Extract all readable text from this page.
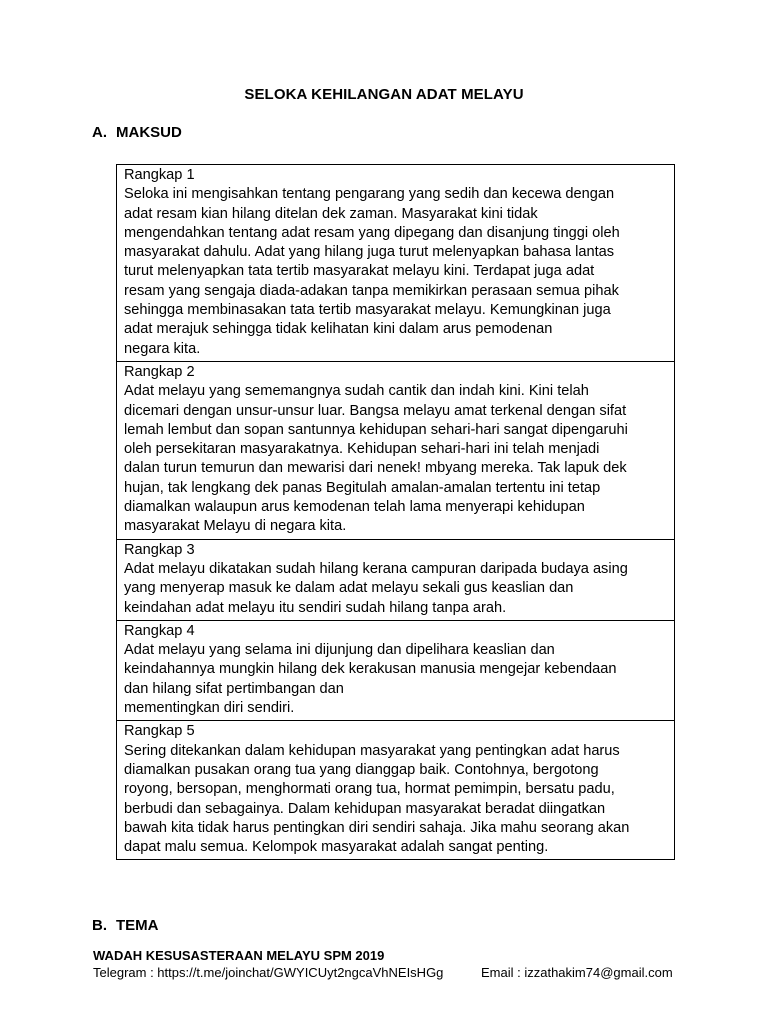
SELOKA KEHILANGAN ADAT MELAYU
A. MAKSUD
Rangkap 1
Seloka ini mengisahkan tentang pengarang yang sedih dan kecewa dengan
adat resam kian hilang ditelan dek zaman. Masyarakat kini tidak
mengendahkan tentang adat resam yang dipegang dan disanjung tinggi oleh
masyarakat dahulu. Adat yang hilang juga turut melenyapkan bahasa lantas
turut melenyapkan tata tertib masyarakat melayu kini. Terdapat juga adat
resam yang sengaja diada-adakan tanpa memikirkan perasaan semua pihak
sehingga membinasakan tata tertib masyarakat melayu. Kemungkinan juga
adat merajuk sehingga tidak kelihatan kini dalam arus pemodenan
negara kita.

Rangkap 2
Adat melayu yang sememangnya sudah cantik dan indah kini. Kini telah
dicemari dengan unsur-unsur luar. Bangsa melayu amat terkenal dengan sifat
lemah lembut dan sopan santunnya kehidupan sehari-hari sangat dipengaruhi
oleh persekitaran masyarakatnya. Kehidupan sehari-hari ini telah menjadi
dalan turun temurun dan mewarisi dari nenek! mbyang mereka. Tak lapuk dek
hujan, tak lengkang dek panas Begitulah amalan-amalan tertentu ini tetap
diamalkan walaupun arus kemodenan telah lama menyerapi kehidupan
masyarakat Melayu di negara kita.

Rangkap 3
Adat melayu dikatakan sudah hilang kerana campuran daripada budaya asing
yang menyerap masuk ke dalam adat melayu sekali gus keaslian dan
keindahan adat melayu itu sendiri sudah hilang tanpa arah.

Rangkap 4
Adat melayu yang selama ini dijunjung dan dipelihara keaslian dan
keindahannya mungkin hilang dek kerakusan manusia mengejar kebendaan
dan hilang sifat pertimbangan dan
mementingkan diri sendiri.

Rangkap 5
Sering ditekankan dalam kehidupan masyarakat yang pentingkan adat harus
diamalkan pusakan orang tua yang dianggap baik. Contohnya, bergotong
royong, bersopan, menghormati orang tua, hormat pemimpin, bersatu padu,
berbudi dan sebagainya. Dalam kehidupan masyarakat beradat diingatkan
bawah kita tidak harus pentingkan diri sendiri sahaja. Jika mahu seorang akan
dapat malu semua. Kelompok masyarakat adalah sangat penting.
B. TEMA
WADAH KESUSASTERAAN MELAYU SPM 2019
Telegram : https://t.me/joinchat/GWYICUyt2ngcaVhNEIsHGg	Email : izzathakim74@gmail.com
